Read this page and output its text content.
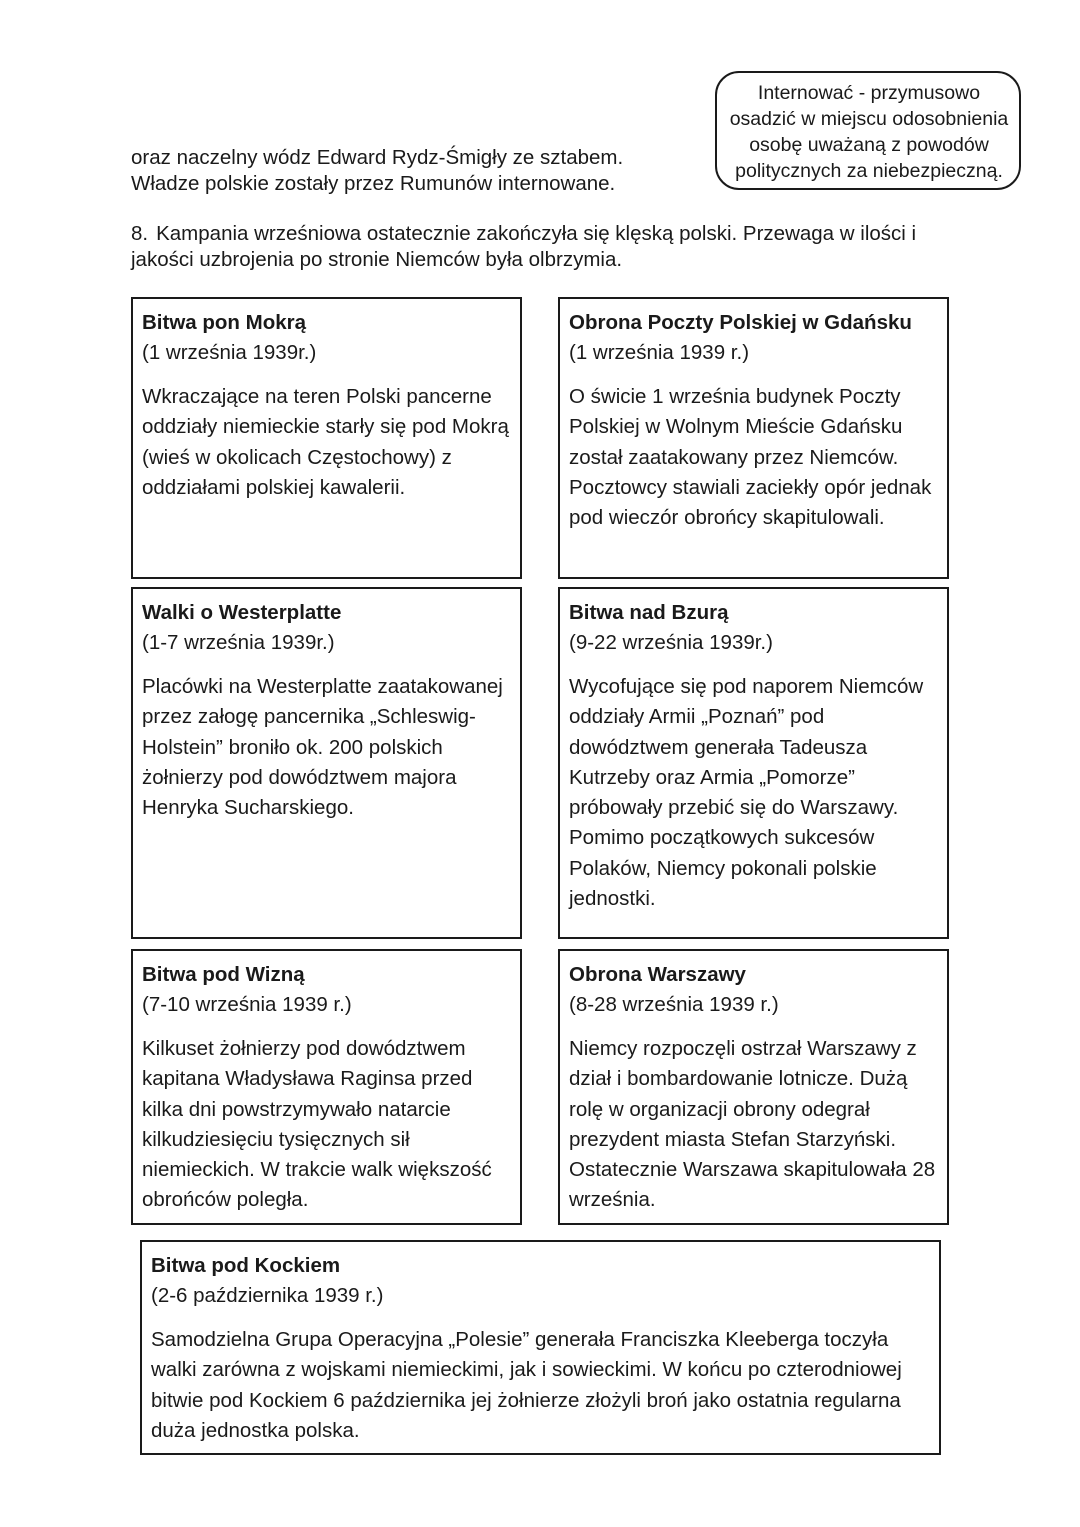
Internować - przymusowo

osadzić w miejscu odosobnienia

osobę uważaną z powodów

politycznych za niebezpieczną.

oraz naczelny wódz Edward Rydz-Śmigły ze sztabem.
Władze polskie zostały przez Rumunów internowane.

8. Kampania wrześniowa ostatecznie zakończyła się klęską polski. Przewaga w ilości i jakości uzbrojenia po stronie Niemców była olbrzymia.

Bitwa pon Mokrą

(1 września 1939r.)

Wkraczające na teren Polski pancerne oddziały niemieckie starły się pod Mokrą (wieś w okolicach Częstochowy) z oddziałami polskiej kawalerii.

Obrona Poczty Polskiej w Gdańsku

(1 września 1939 r.)

O świcie 1 września budynek Poczty Polskiej w Wolnym Mieście Gdańsku został zaatakowany przez Niemców. Pocztowcy stawiali zaciekły opór jednak pod wieczór obrońcy skapitulowali.

Walki o Westerplatte

(1-7 września 1939r.)

Placówki na Westerplatte zaatakowanej przez załogę pancernika „Schleswig-Holstein” broniło ok. 200 polskich żołnierzy pod dowództwem majora Henryka Sucharskiego.

Bitwa nad Bzurą

(9-22 września 1939r.)

Wycofujące się pod naporem Niemców oddziały Armii „Poznań” pod dowództwem generała Tadeusza Kutrzeby oraz Armia „Pomorze” próbowały przebić się do Warszawy. Pomimo początkowych sukcesów Polaków, Niemcy pokonali polskie jednostki.

Bitwa pod Wizną

(7-10 września 1939 r.)

Kilkuset żołnierzy pod dowództwem kapitana Władysława Raginsa przed kilka dni powstrzymywało natarcie kilkudziesięciu tysięcznych sił niemieckich. W trakcie walk większość obrońców poległa.

Obrona Warszawy

(8-28 września 1939 r.)

Niemcy rozpoczęli ostrzał Warszawy z dział i bombardowanie lotnicze. Dużą rolę w organizacji obrony odegrał prezydent miasta Stefan Starzyński. Ostatecznie Warszawa skapitulowała 28 września.

Bitwa pod Kockiem

(2-6 października 1939 r.)

Samodzielna Grupa Operacyjna „Polesie” generała Franciszka Kleeberga toczyła walki zarówna z wojskami niemieckimi, jak i sowieckimi. W końcu po czterodniowej bitwie pod Kockiem 6 października jej żołnierze złożyli broń jako ostatnia regularna duża jednostka polska.
